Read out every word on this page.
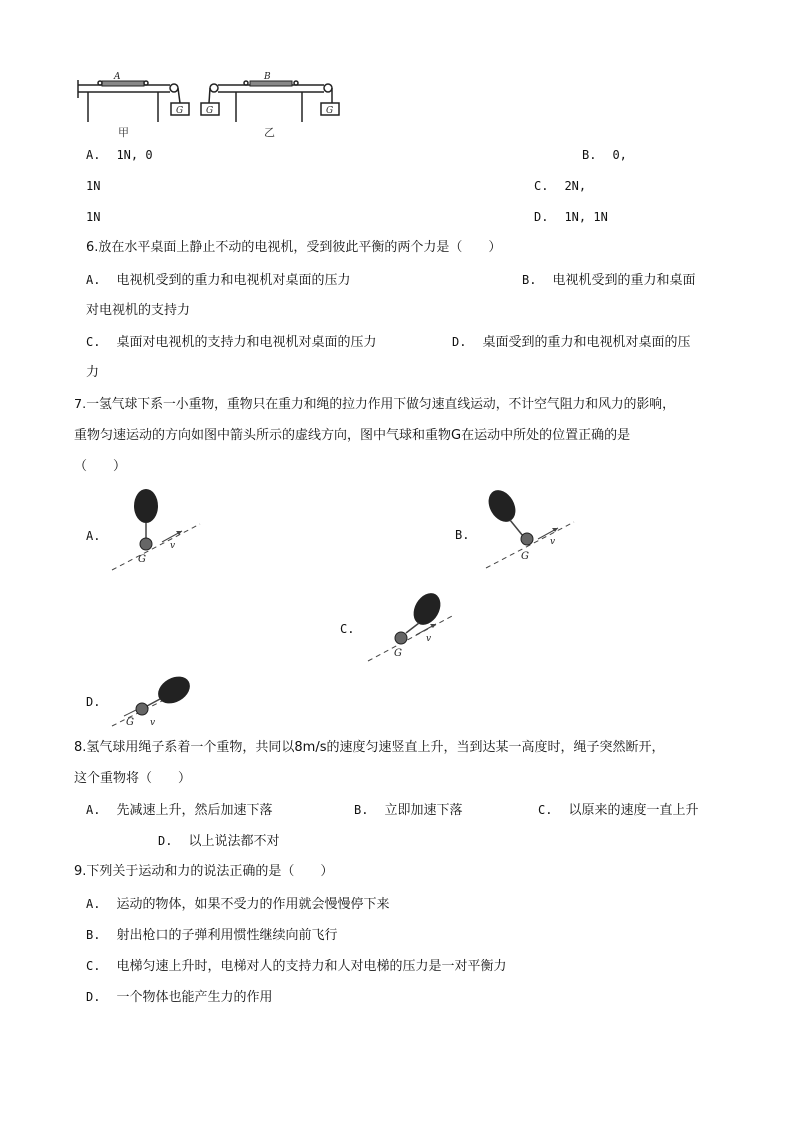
A	B
G	G	G
甲	乙
A. 1N, 0	B. 0,
1N	C. 2N,
1N	D. 1N, 1N
6.放在水平桌面上静止不动的电视机，受到彼此平衡的两个力是（　　）
A. 电视机受到的重力和电视机对桌面的压力	B. 电视机受到的重力和桌面
对电视机的支持力
C. 桌面对电视机的支持力和电视机对桌面的压力	D. 桌面受到的重力和电视机对桌面的压
力
7.一氢气球下系一小重物，重物只在重力和绳的拉力作用下做匀速直线运动，不计空气阻力和风力的影响，
重物匀速运动的方向如图中箭头所示的虚线方向，图中气球和重物G在运动中所处的位置正确的是
（　　）
A.
G
v
B.
G
v
C.
G
v
D.
G v
8.氢气球用绳子系着一个重物，共同以8m/s的速度匀速竖直上升，当到达某一高度时，绳子突然断开，
这个重物将（　　）
A. 先减速上升，然后加速下落	B. 立即加速下落	C. 以原来的速度一直上升
D. 以上说法都不对
9.下列关于运动和力的说法正确的是（　　）
A. 运动的物体，如果不受力的作用就会慢慢停下来
B. 射出枪口的子弹利用惯性继续向前飞行
C. 电梯匀速上升时，电梯对人的支持力和人对电梯的压力是一对平衡力
D. 一个物体也能产生力的作用
